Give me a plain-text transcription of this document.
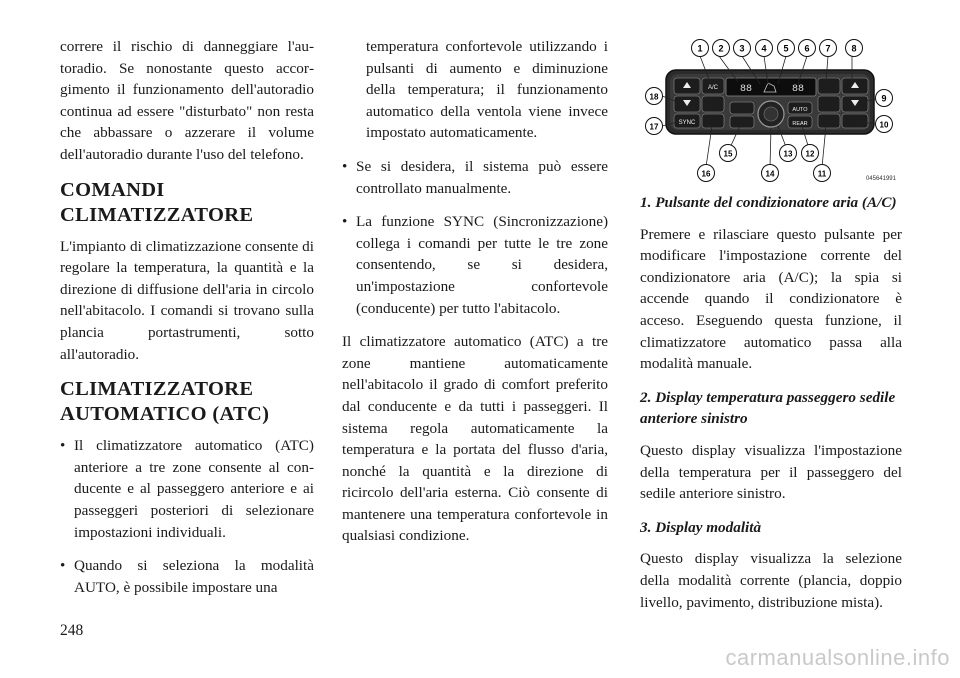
correre il rischio di danneggiare l'autoradio. Se nonostante questo accorgimento il funzionamento dell'autoradio continua ad essere "disturbato" non resta che abbassare o azzerare il volume dell'autoradio durante l'uso del telefono.

COMANDI CLIMATIZZATORE

L'impianto di climatizzazione consente di regolare la temperatura, la quantità e la direzione di diffusione dell'aria in circolo nell'abitacolo. I comandi si trovano sulla plancia portastrumenti, sotto all'autoradio.

CLIMATIZZATORE AUTOMATICO (ATC)
• Il climatizzatore automatico (ATC) anteriore a tre zone consente al conducente e al passeggero anteriore e ai passeggeri posteriori di selezionare impostazioni individuali.
• Quando si seleziona la modalità AUTO, è possibile impostare una
temperatura confortevole utilizzando i pulsanti di aumento e diminuzione della temperatura; il funzionamento automatico della ventola viene invece impostato automaticamente.
• Se si desidera, il sistema può essere controllato manualmente.
• La funzione SYNC (Sincronizzazione) collega i comandi per tutte le tre zone consentendo, se si desidera, un'impostazione confortevole (conducente) per tutto l'abitacolo.

Il climatizzatore automatico (ATC) a tre zone mantiene automaticamente nell'abitacolo il grado di comfort preferito dal conducente e da tutti i passeggeri. Il sistema regola automaticamente la temperatura e la portata del flusso d'aria, nonché la quantità e la direzione di ricircolo dell'aria esterna. Ciò consente di mantenere una temperatura confortevole in qualsiasi condizione.

SYNC
A/C 88	88
AUTO
REAR
1 2 3 4 5 6 7 8
9
10
11
12
13
14
15
16
17
18
045641991

1. Pulsante del condizionatore aria (A/C)

Premere e rilasciare questo pulsante per modificare l'impostazione corrente del condizionatore aria (A/C); la spia si accende quando il condizionatore è acceso. Eseguendo questa funzione, il climatizzatore automatico passa alla modalità manuale.

2. Display temperatura passeggero sedile anteriore sinistro

Questo display visualizza l'impostazione della temperatura per il passeggero del sedile anteriore sinistro.

3. Display modalità

Questo display visualizza la selezione della modalità corrente (plancia, doppio livello, pavimento, distribuzione mista).

248
carmanualsonline.info
